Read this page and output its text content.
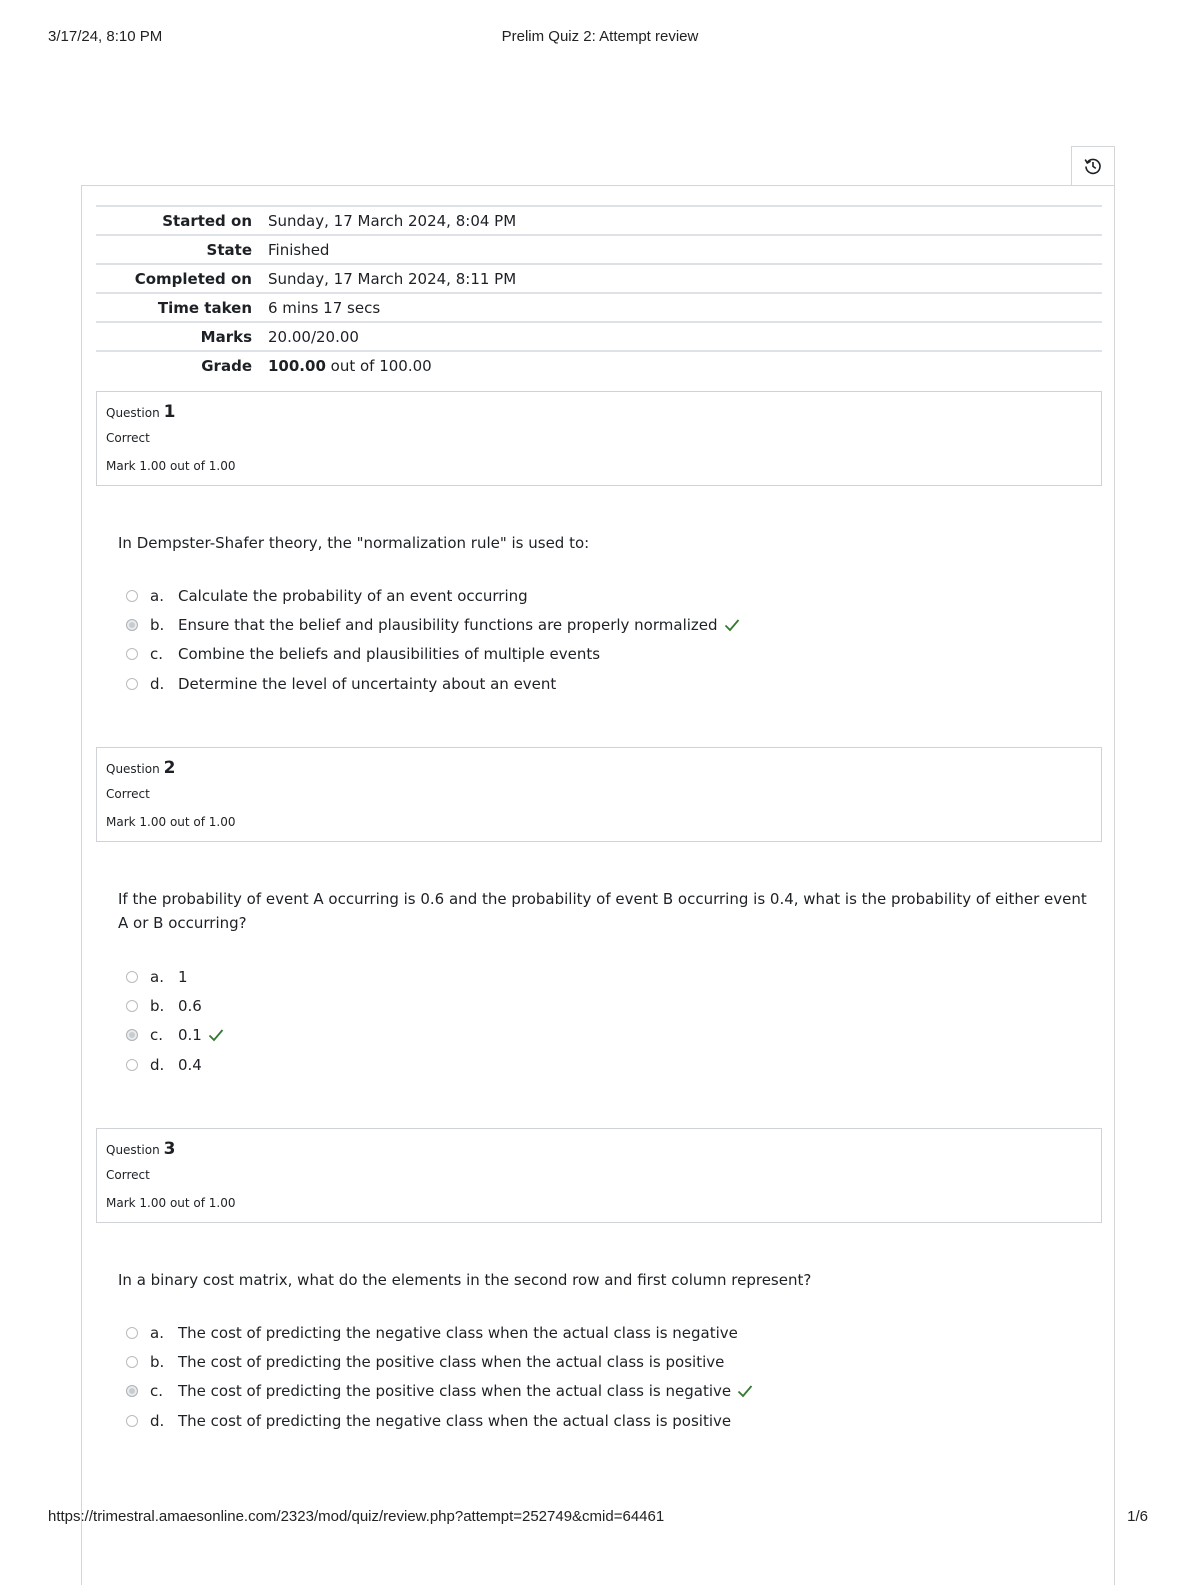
3/17/24, 8:10 PM	Prelim Quiz 2: Attempt review
Started on	Sunday, 17 March 2024, 8:04 PM
State	Finished
Completed on	Sunday, 17 March 2024, 8:11 PM
Time taken	6 mins 17 secs
Marks	20.00/20.00
Grade	100.00 out of 100.00
Question 1
Correct
Mark 1.00 out of 1.00
In Dempster-Shafer theory, the "normalization rule" is used to:
a. Calculate the probability of an event occurring
b. Ensure that the belief and plausibility functions are properly normalized
c. Combine the beliefs and plausibilities of multiple events
d. Determine the level of uncertainty about an event
Question 2
Correct
Mark 1.00 out of 1.00
If the probability of event A occurring is 0.6 and the probability of event B occurring is 0.4, what is the probability of either event A or B occurring?
a. 1
b. 0.6
c. 0.1
d. 0.4
Question 3
Correct
Mark 1.00 out of 1.00
In a binary cost matrix, what do the elements in the second row and first column represent?
a. The cost of predicting the negative class when the actual class is negative
b. The cost of predicting the positive class when the actual class is positive
c. The cost of predicting the positive class when the actual class is negative
d. The cost of predicting the negative class when the actual class is positive
https://trimestral.amaesonline.com/2323/mod/quiz/review.php?attempt=252749&cmid=64461	1/6
